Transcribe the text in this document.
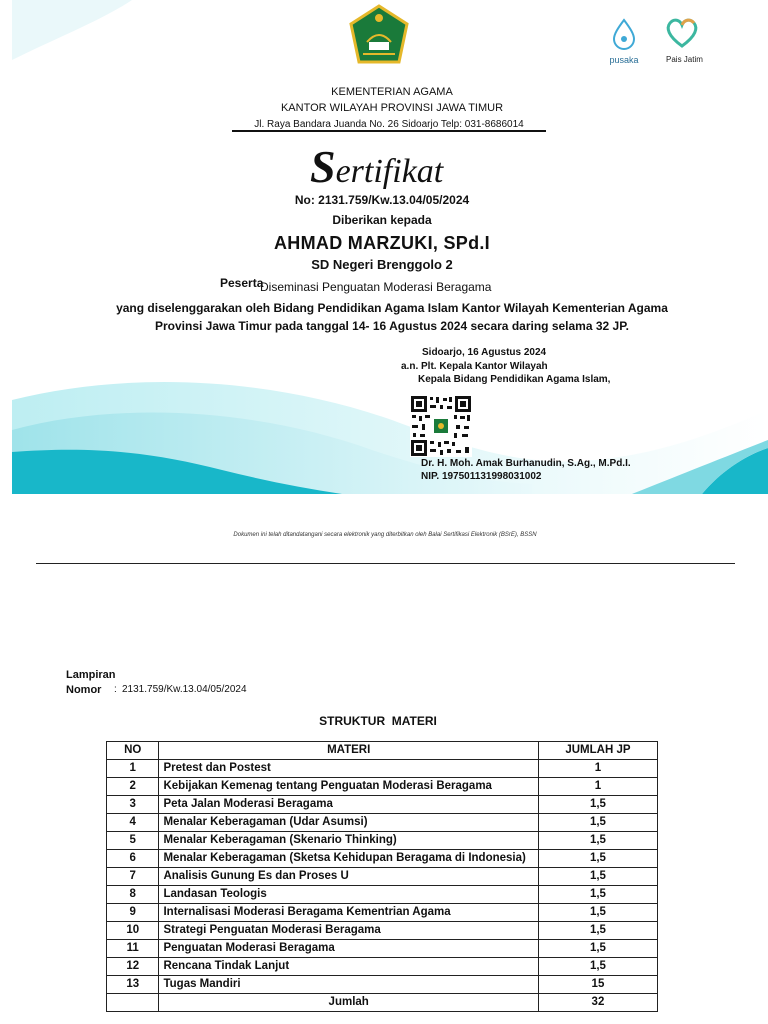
pusaka	Pais Jatim
KEMENTERIAN AGAMA
KANTOR WILAYAH PROVINSI JAWA TIMUR
Jl. Raya Bandara Juanda No. 26 Sidoarjo Telp: 031-8686014
Sertifikat
No: 2131.759/Kw.13.04/05/2024
Diberikan kepada
AHMAD MARZUKI, SPd.I
SD Negeri Brenggolo 2
Peserta
Diseminasi Penguatan Moderasi Beragama
yang diselenggarakan oleh Bidang Pendidikan Agama Islam Kantor Wilayah Kementerian Agama
Provinsi Jawa Timur pada tanggal 14- 16 Agustus 2024 secara daring selama 32 JP.
Sidoarjo, 16 Agustus 2024
a.n. Plt. Kepala Kantor Wilayah
Kepala Bidang Pendidikan Agama Islam,
Dr. H. Moh. Amak Burhanudin, S.Ag., M.Pd.I.
NIP. 197501131998031002
Dokumen ini telah ditandatangani secara elektronik yang diterbitkan oleh Balai Sertifikasi Elektronik (BSrE), BSSN
Lampiran
Nomor : 2131.759/Kw.13.04/05/2024
STRUKTUR  MATERI
NO	MATERI	JUMLAH JP
1	Pretest dan Postest	1
2	Kebijakan Kemenag tentang Penguatan Moderasi Beragama	1
3	Peta Jalan Moderasi Beragama	1,5
4	Menalar Keberagaman (Udar Asumsi)	1,5
5	Menalar Keberagaman (Skenario Thinking)	1,5
6	Menalar Keberagaman (Sketsa Kehidupan Beragama di Indonesia)	1,5
7	Analisis Gunung Es dan Proses U	1,5
8	Landasan Teologis	1,5
9	Internalisasi Moderasi Beragama Kementrian Agama	1,5
10	Strategi Penguatan Moderasi Beragama	1,5
11	Penguatan Moderasi Beragama	1,5
12	Rencana Tindak Lanjut	1,5
13	Tugas Mandiri	15
	Jumlah	32
